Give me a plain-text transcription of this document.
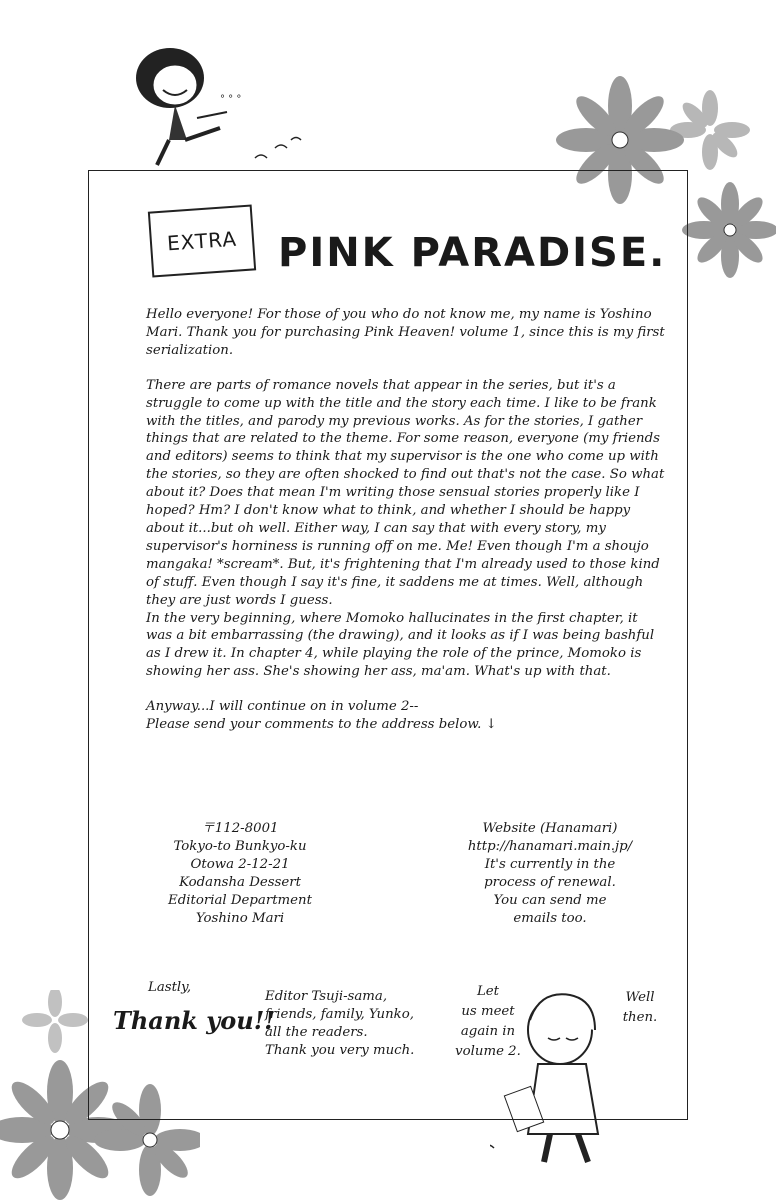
° ° °
EXTRA PINK PARADISE.

Hello everyone! For those of you who do not know me, my name is Yoshino Mari. Thank you for purchasing Pink Heaven! volume 1, since this is my first serialization.

There are parts of romance novels that appear in the series, but it's a struggle to come up with the title and the story each time. I like to be frank with the titles, and parody my previous works. As for the stories, I gather things that are related to the theme. For some reason, everyone (my friends and editors) seems to think that my supervisor is the one who come up with the stories, so they are often shocked to find out that's not the case. So what about it? Does that mean I'm writing those sensual stories properly like I hoped? Hm? I don't know what to think, and whether I should be happy about it...but oh well. Either way, I can say that with every story, my supervisor's horniness is running off on me. Me! Even though I'm a shoujo mangaka! *scream*. But, it's frightening that I'm already used to those kind of stuff. Even though I say it's fine, it saddens me at times. Well, although they are just words I guess.

In the very beginning, where Momoko hallucinates in the first chapter, it was a bit embarrassing (the drawing), and it looks as if I was being bashful as I drew it. In chapter 4, while playing the role of the prince, Momoko is showing her ass. She's showing her ass, ma'am. What's up with that.

Anyway...I will continue on in volume 2--

Please send your comments to the address below. ↓

〒112-8001
Tokyo-to Bunkyo-ku
Otowa 2-12-21
Kodansha Dessert
Editorial Department
Yoshino Mari
Website (Hanamari)
http://hanamari.main.jp/
It's currently in the
process of renewal.
You can send me
emails too.
Lastly,
Thank you!!
Editor Tsuji-sama,
friends, family, Yunko,
all the readers.
Thank you very much.
Let
us meet
again in
volume 2.
Well
then.
